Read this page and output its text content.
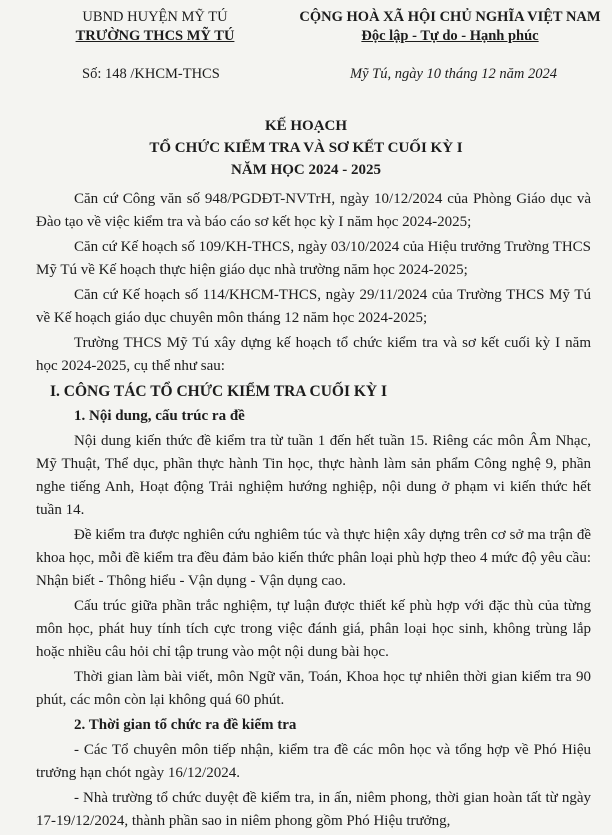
UBND HUYỆN MỸ TÚ
TRƯỜNG THCS MỸ TÚ
CỘNG HOÀ XÃ HỘI CHỦ NGHĨA VIỆT NAM
Độc lập - Tự do - Hạnh phúc
Số: 148 /KHCM-THCS	Mỹ Tú, ngày 10 tháng 12 năm 2024
KẾ HOẠCH
TỔ CHỨC KIỂM TRA VÀ SƠ KẾT CUỐI KỲ I
NĂM HỌC 2024 - 2025

Căn cứ Công văn số 948/PGDĐT-NVTrH, ngày 10/12/2024 của Phòng Giáo dục và Đào tạo về việc kiểm tra và báo cáo sơ kết học kỳ I năm học 2024-2025;

Căn cứ Kế hoạch số 109/KH-THCS, ngày 03/10/2024 của Hiệu trưởng Trường THCS Mỹ Tú về Kế hoạch thực hiện giáo dục nhà trường năm học 2024-2025;

Căn cứ Kế hoạch số 114/KHCM-THCS, ngày 29/11/2024 của Trường THCS Mỹ Tú về Kế hoạch giáo dục chuyên môn tháng 12 năm học 2024-2025;

Trường THCS Mỹ Tú xây dựng kế hoạch tổ chức kiểm tra và sơ kết cuối kỳ I năm học 2024-2025, cụ thể như sau:

I. CÔNG TÁC TỔ CHỨC KIỂM TRA CUỐI KỲ I
1. Nội dung, cấu trúc ra đề

Nội dung kiến thức đề kiểm tra từ tuần 1 đến hết tuần 15. Riêng các môn Âm Nhạc, Mỹ Thuật, Thể dục, phần thực hành Tin học, thực hành làm sản phẩm Công nghệ 9, phần nghe tiếng Anh, Hoạt động Trải nghiệm hướng nghiệp, nội dung ở phạm vi kiến thức hết tuần 14.

Đề kiểm tra được nghiên cứu nghiêm túc và thực hiện xây dựng trên cơ sở ma trận đề khoa học, mỗi đề kiểm tra đều đảm bảo kiến thức phân loại phù hợp theo 4 mức độ yêu cầu: Nhận biết - Thông hiểu - Vận dụng - Vận dụng cao.

Cấu trúc giữa phần trắc nghiệm, tự luận được thiết kế phù hợp với đặc thù của từng môn học, phát huy tính tích cực trong việc đánh giá, phân loại học sinh, không trùng lắp hoặc nhiều câu hỏi chỉ tập trung vào một nội dung bài học.

Thời gian làm bài viết, môn Ngữ văn, Toán, Khoa học tự nhiên thời gian kiểm tra 90 phút, các môn còn lại không quá 60 phút.

2. Thời gian tổ chức ra đề kiểm tra

- Các Tổ chuyên môn tiếp nhận, kiểm tra đề các môn học và tổng hợp về Phó Hiệu trưởng hạn chót ngày 16/12/2024.

- Nhà trường tổ chức duyệt đề kiểm tra, in ấn, niêm phong, thời gian hoàn tất từ ngày 17-19/12/2024, thành phần sao in niêm phong gồm Phó Hiệu trưởng,
